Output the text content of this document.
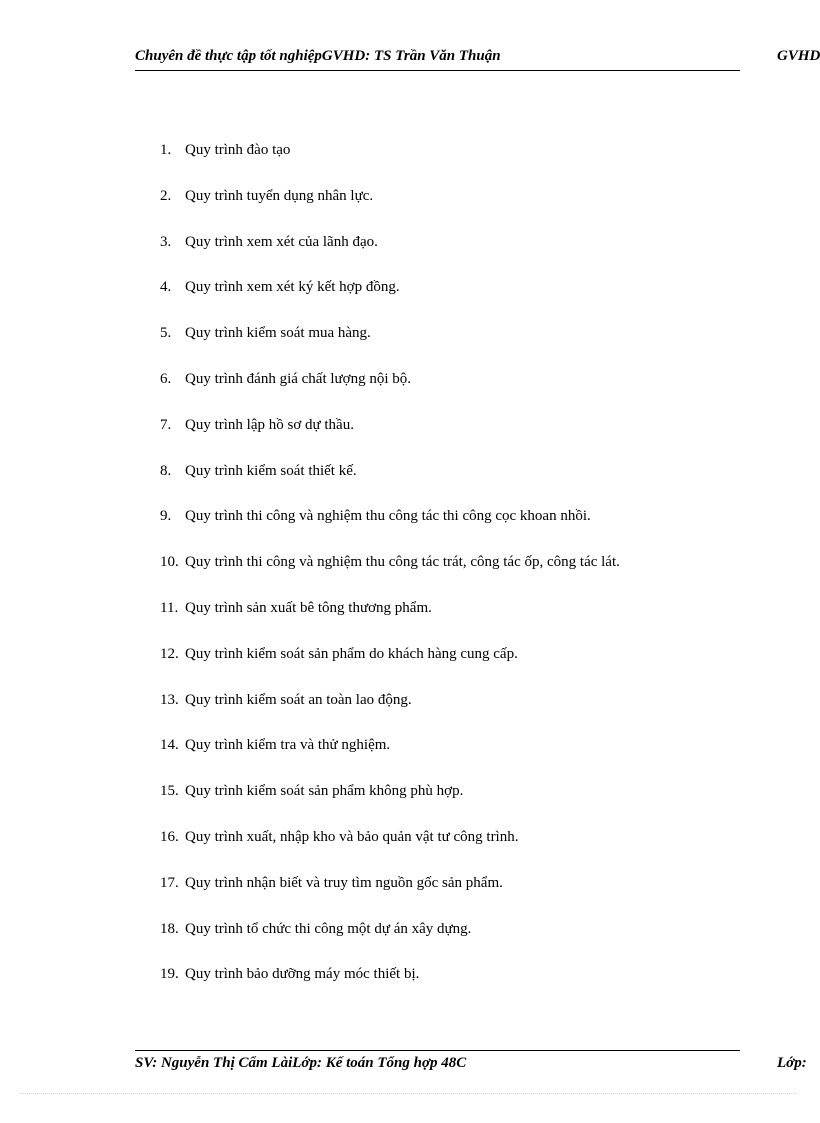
Chuyên đề thực tập tốt nghiệpGVHD: TS Trần Văn Thuận	GVHD
1. Quy trình đào tạo
2. Quy trình tuyển dụng nhân lực.
3. Quy trình xem xét của lãnh đạo.
4. Quy trình xem xét ký kết hợp đồng.
5. Quy trình kiểm soát mua hàng.
6. Quy trình đánh giá chất lượng nội bộ.
7. Quy trình lập hồ sơ dự thầu.
8. Quy trình kiểm soát thiết kế.
9. Quy trình thi công và nghiệm thu công tác thi công cọc khoan nhồi.
10. Quy trình thi công và nghiệm thu công tác trát, công tác ốp, công tác lát.
11. Quy trình sản xuất bê tông thương phẩm.
12. Quy trình kiểm soát sản phẩm do khách hàng cung cấp.
13. Quy trình kiểm soát an toàn lao động.
14. Quy trình kiểm tra và thử nghiệm.
15. Quy trình kiểm soát sản phẩm không phù hợp.
16. Quy trình xuất, nhập kho và bảo quản vật tư công trình.
17. Quy trình nhận biết và truy tìm nguồn gốc sản phẩm.
18. Quy trình tổ chức thi công một dự án xây dựng.
19. Quy trình bảo dưỡng máy móc thiết bị.
SV: Nguyễn Thị Cẩm LàiLớp: Kế toán Tổng hợp 48C	Lớp:
